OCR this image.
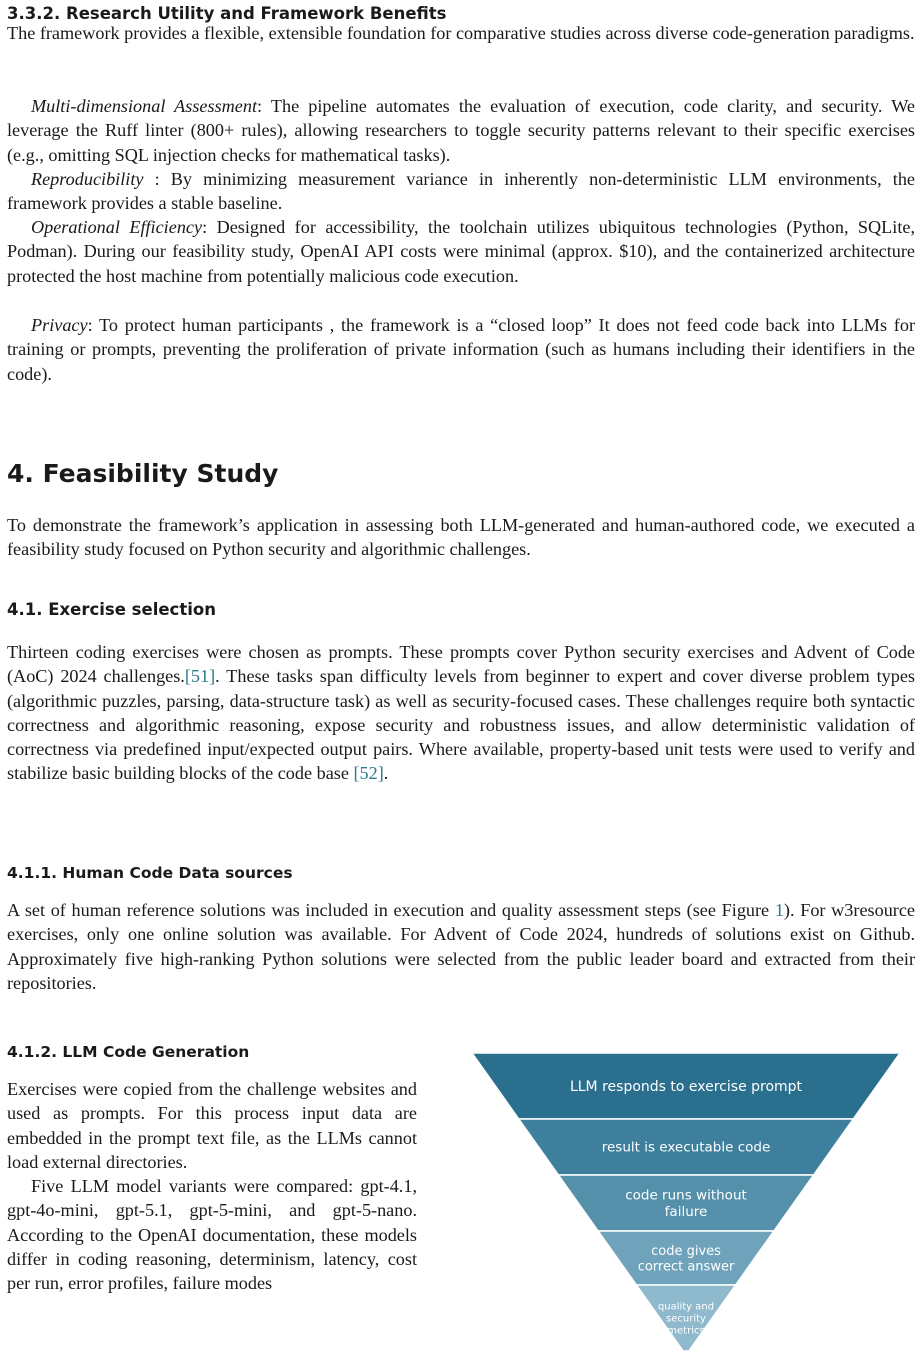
3.3.2. Research Utility and Framework Benefits

The framework provides a flexible, extensible foundation for comparative studies across diverse code-generation paradigms.

Multi-dimensional Assessment: The pipeline automates the evaluation of execution, code clarity, and security. We leverage the Ruff linter (800+ rules), allowing researchers to toggle security patterns relevant to their specific exercises (e.g., omitting SQL injection checks for mathematical tasks).

Reproducibility : By minimizing measurement variance in inherently non-deterministic LLM environments, the framework provides a stable baseline.

Operational Efficiency: Designed for accessibility, the toolchain utilizes ubiquitous technologies (Python, SQLite, Podman). During our feasibility study, OpenAI API costs were minimal (approx. $10), and the containerized architecture protected the host machine from potentially malicious code execution.

Privacy: To protect human participants , the framework is a “closed loop” It does not feed code back into LLMs for training or prompts, preventing the proliferation of private information (such as humans including their identifiers in the code).

4. Feasibility Study

To demonstrate the framework’s application in assessing both LLM-generated and human-authored code, we executed a feasibility study focused on Python security and algorithmic challenges.

4.1. Exercise selection

Thirteen coding exercises were chosen as prompts. These prompts cover Python security exercises and Advent of Code (AoC) 2024 challenges.[51]. These tasks span difficulty levels from beginner to expert and cover diverse problem types (algorithmic puzzles, parsing, data-structure task) as well as security-focused cases. These challenges require both syntactic correctness and algorithmic reasoning, expose security and robustness issues, and allow deterministic validation of correctness via predefined input/expected output pairs. Where available, property-based unit tests were used to verify and stabilize basic building blocks of the code base [52].

4.1.1. Human Code Data sources

A set of human reference solutions was included in execution and quality assessment steps (see Figure 1). For w3resource exercises, only one online solution was available. For Advent of Code 2024, hundreds of solutions exist on Github. Approximately five high-ranking Python solutions were selected from the public leader board and extracted from their repositories.

4.1.2. LLM Code Generation

Exercises were copied from the challenge websites and used as prompts. For this process input data are embedded in the prompt text file, as the LLMs cannot load external directories.

Five LLM model variants were compared: gpt-4.1, gpt-4o-mini, gpt-5.1, gpt-5-mini, and gpt-5-nano. According to the OpenAI documentation, these models differ in coding reasoning, determinism, latency, cost per run, error profiles, failure modes

LLM responds to exercise prompt
result is executable code
code runs without
failure
code gives
correct answer
quality and
security
metrics
